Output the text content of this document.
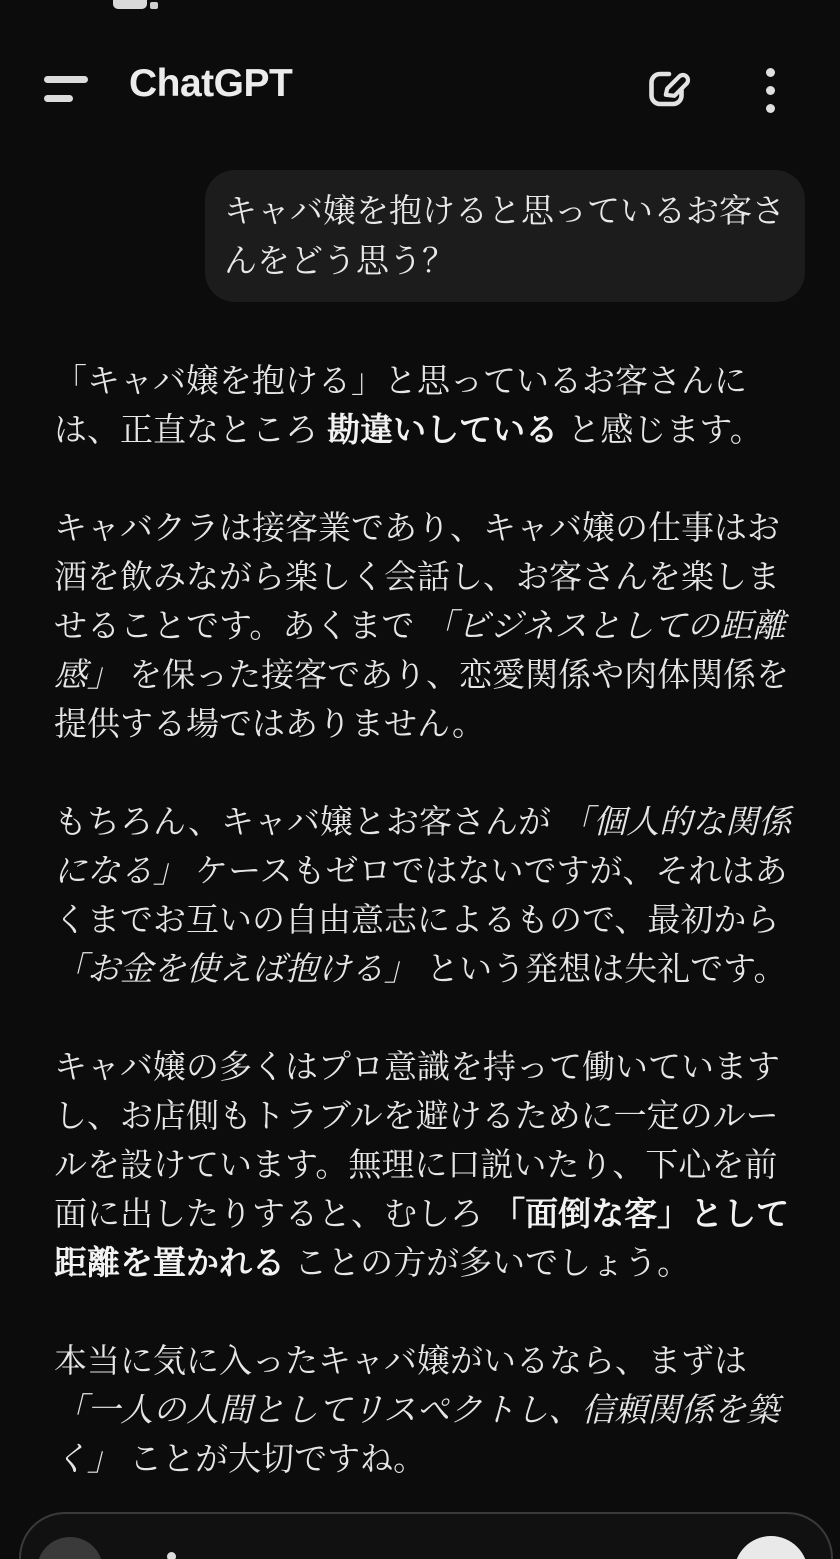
ChatGPT
キャバ嬢を抱けると思っているお客さんをどう思う？

「キャバ嬢を抱ける」と思っているお客さんには、正直なところ 勘違いしている と感じます。

キャバクラは接客業であり、キャバ嬢の仕事はお酒を飲みながら楽しく会話し、お客さんを楽しませることです。あくまで 「ビジネスとしての距離感」 を保った接客であり、恋愛関係や肉体関係を提供する場ではありません。

もちろん、キャバ嬢とお客さんが 「個人的な関係になる」 ケースもゼロではないですが、それはあくまでお互いの自由意志によるもので、最初から 「お金を使えば抱ける」 という発想は失礼です。

キャバ嬢の多くはプロ意識を持って働いていますし、お店側もトラブルを避けるために一定のルールを設けています。無理に口説いたり、下心を前面に出したりすると、むしろ 「面倒な客」として距離を置かれる ことの方が多いでしょう。

本当に気に入ったキャバ嬢がいるなら、まずは 「一人の人間としてリスペクトし、信頼関係を築く」 ことが大切ですね。
